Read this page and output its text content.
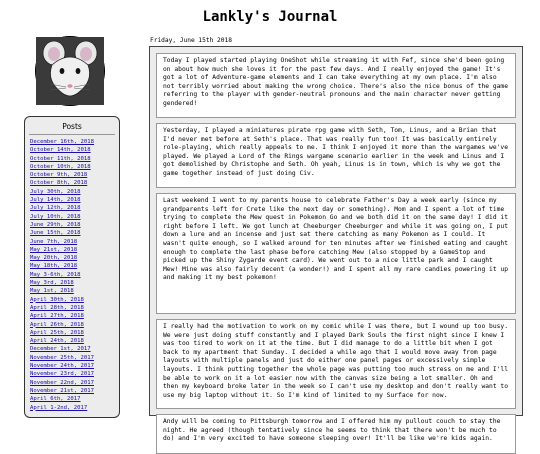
Lankly's Journal
Posts
December 16th, 2018
October 14th, 2018
October 11th, 2018
October 10th, 2018
October 9th, 2018
October 8th, 2018
July 30th, 2018
July 14th, 2018
July 12th, 2018
July 10th, 2018
June 29th, 2018
June 15th, 2018
June 7th, 2018
May 21st, 2018
May 20th, 2018
May 18th, 2018
May 3-6th, 2018
May 3rd, 2018
May 1st, 2018
April 30th, 2018
April 28th, 2018
April 27th, 2018
April 26th, 2018
April 25th, 2018
April 24th, 2018
December 1st, 2017
November 25th, 2017
November 24th, 2017
November 23rd, 2017
November 22nd, 2017
November 21st, 2017
April 6th, 2017
April 1-2nd, 2017
Friday, June 15th 2018
Today I played started playing OneShot while streaming it with Fef, since she'd been going on about how much she loves it for the past few days. And I really enjoyed the game! It's got a lot of Adventure-game elements and I can take everything at my own place. I'm also not terribly worried about making the wrong choice. There's also the nice bonus of the game referring to the player with gender-neutral pronouns and the main character never getting gendered!
Yesterday, I played a miniatures pirate rpg game with Seth, Tom, Linus, and a Brian that I'd never met before at Seth's place. That was really fun too! It was basically entirely role-playing, which really appeals to me. I think I enjoyed it more than the wargames we've played. We played a Lord of the Rings wargame scenario earlier in the week and Linus and I got demolished by Christophe and Seth. Oh yeah, Linus is in town, which is why we got the game together instead of just doing Civ.
Last weekend I went to my parents house to celebrate Father's Day a week early (since my grandparents left for Crete like the next day or something). Mom and I spent a lot of time trying to complete the Mew quest in Pokemon Go and we both did it on the same day! I did it right before I left. We got lunch at Cheeburger Cheeburger and while it was going on, I put down a lure and an incense and just sat there catching as many Pokemon as I could. It wasn't quite enough, so I walked around for ten minutes after we finished eating and caught enough to complete the last phase before catching Mew (also stopped by a GameStop and picked up the Shiny Zygarde event card). We went out to a nice little park and I caught Mew! Mine was also fairly decent (a wonder!) and I spent all my rare candies powering it up and making it my best pokemon!
I really had the motivation to work on my comic while I was there, but I wound up too busy. We were just doing stuff constantly and I played Dark Souls the first night since I knew I was too tired to work on it at the time. But I did manage to do a little bit when I got back to my apartment that Sunday. I decided a while ago that I would move away from page layouts with multiple panels and just do either one panel pages or excessively simple layouts. I think putting together the whole page was putting too much stress on me and I'll be able to work on it a lot easier now with the canvas size being a lot smaller. Oh and then my keyboard broke later in the week so I can't use my desktop and don't really want to use my big laptop without it. So I'm kind of limited to my Surface for now.
Andy will be coming to Pittsburgh tomorrow and I offered him my pullout couch to stay the night. He agreed (though tentatively since he seems to think that there won't be much to do) and I'm very excited to have someone sleeping over! It'll be like we're kids again.
